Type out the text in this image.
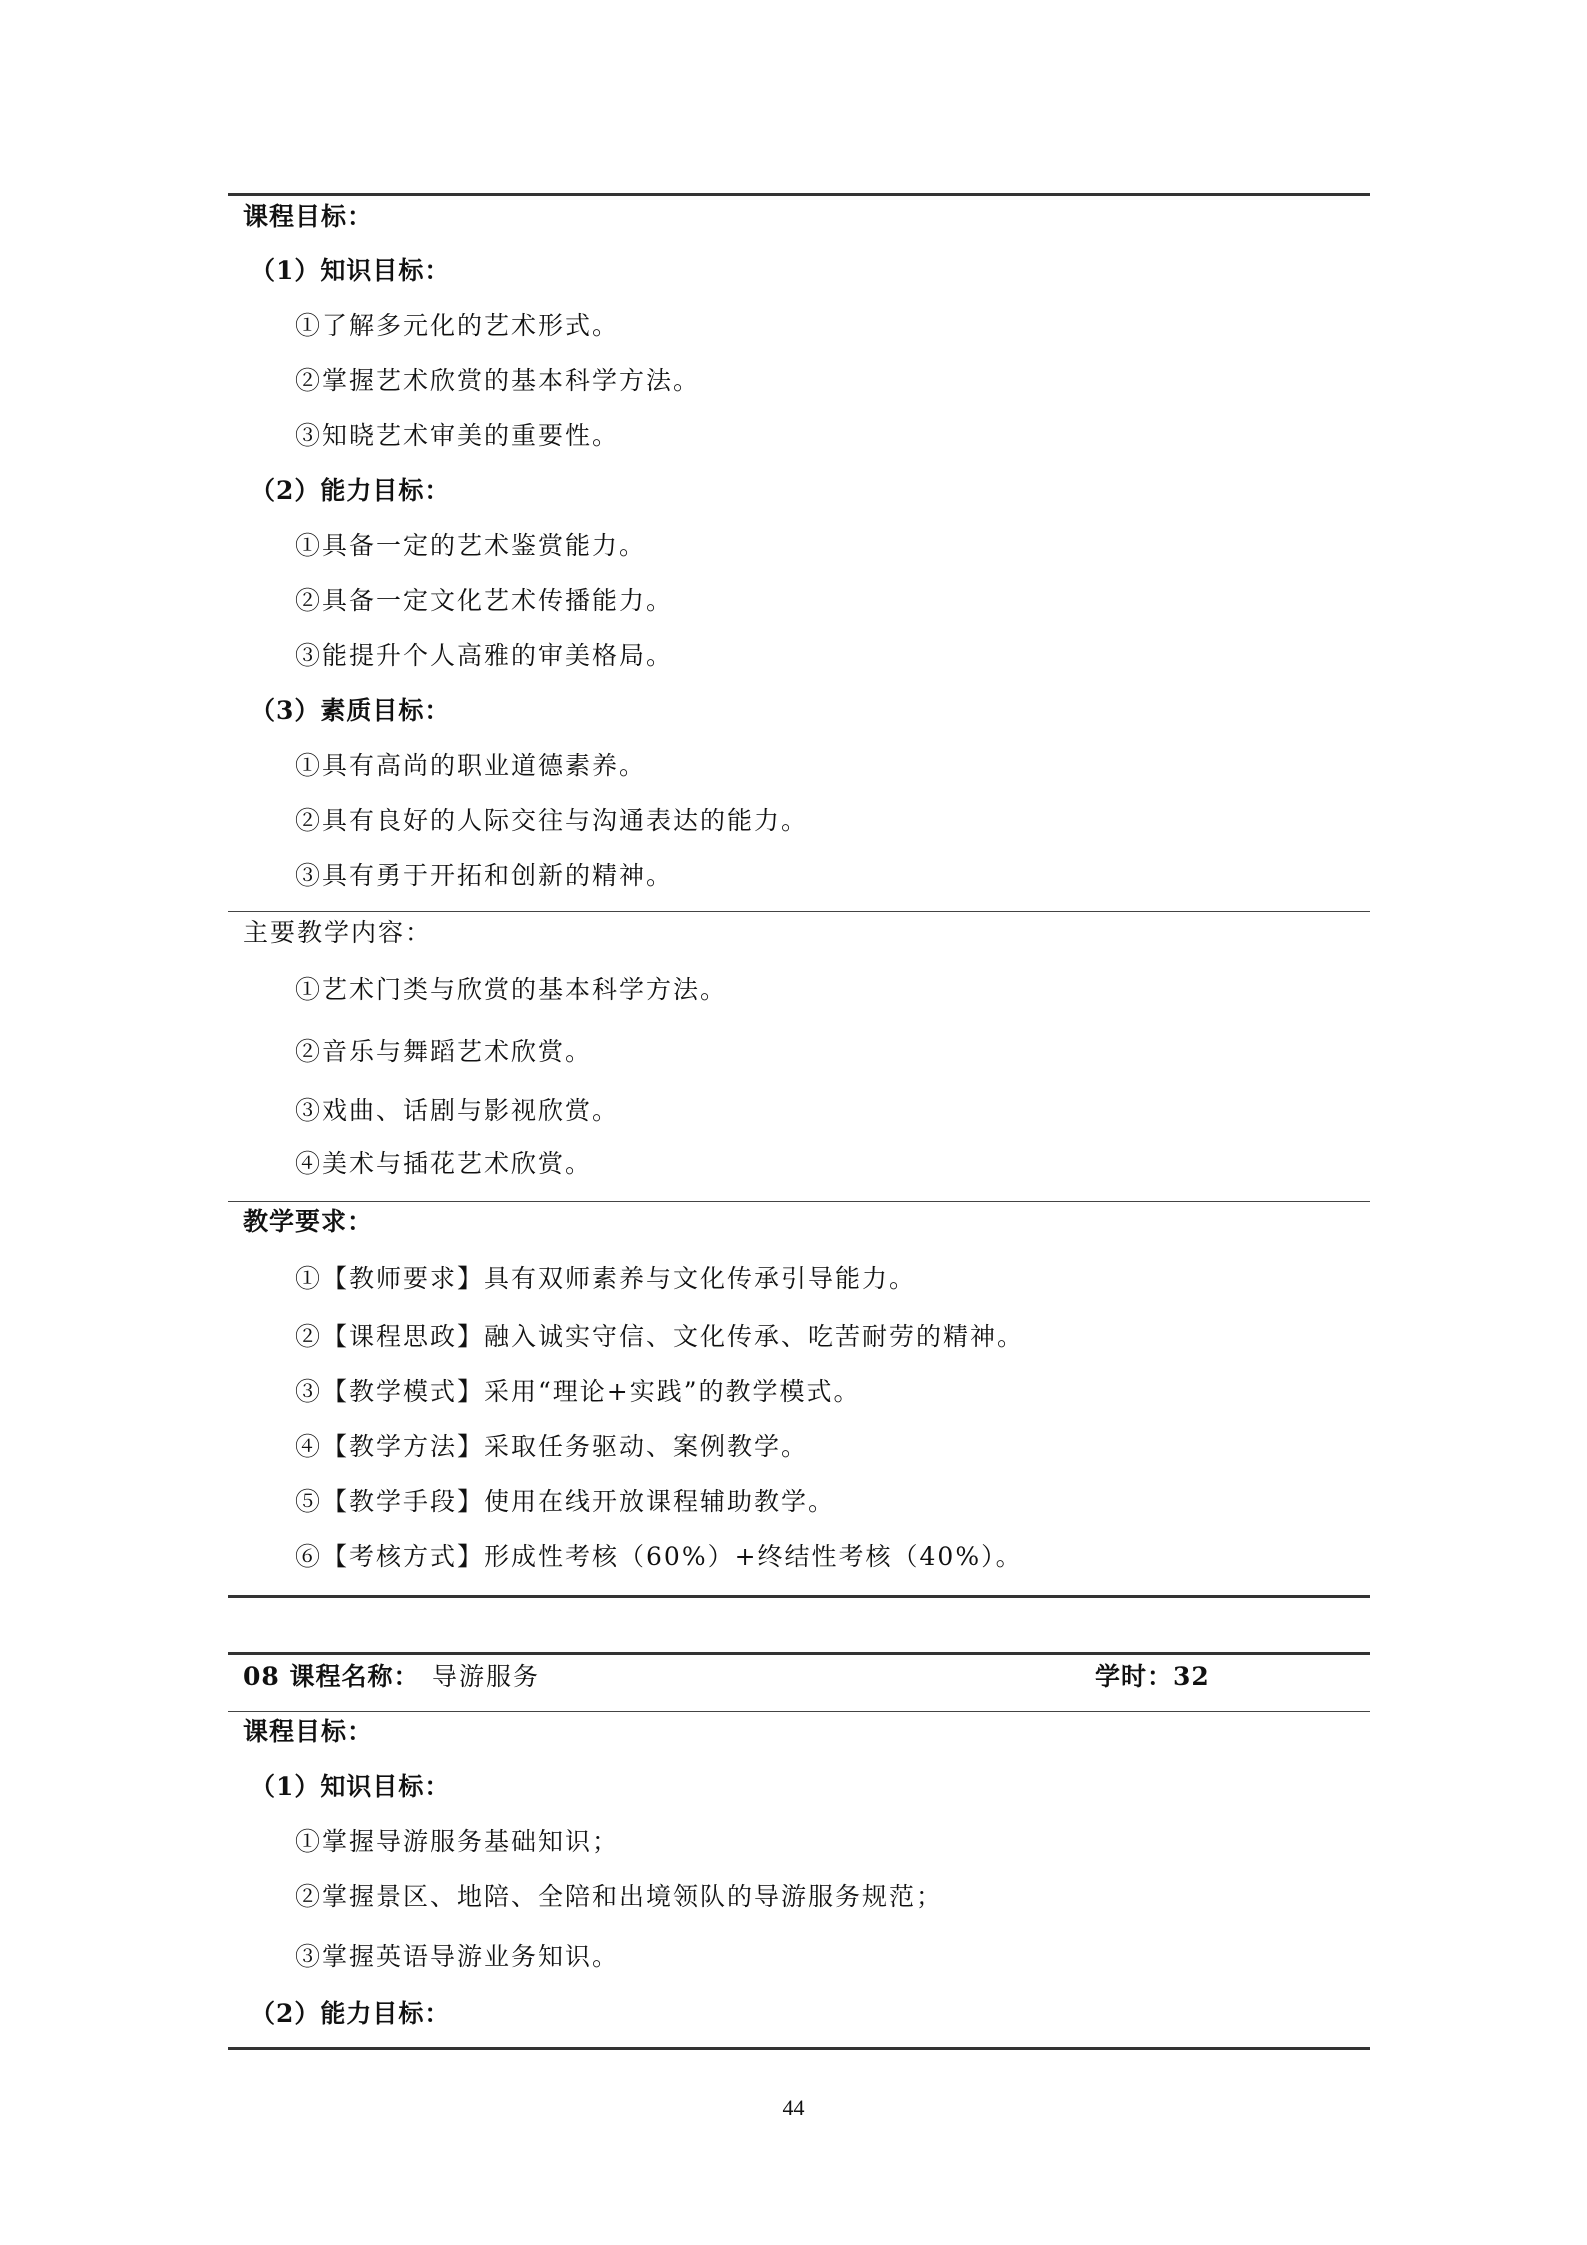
课程目标：
（1）知识目标：
①了解多元化的艺术形式。
②掌握艺术欣赏的基本科学方法。
③知晓艺术审美的重要性。
（2）能力目标：
①具备一定的艺术鉴赏能力。
②具备一定文化艺术传播能力。
③能提升个人高雅的审美格局。
（3）素质目标：
①具有高尚的职业道德素养。
②具有良好的人际交往与沟通表达的能力。
③具有勇于开拓和创新的精神。
主要教学内容：
①艺术门类与欣赏的基本科学方法。
②音乐与舞蹈艺术欣赏。
③戏曲、话剧与影视欣赏。
④美术与插花艺术欣赏。
教学要求：
①【教师要求】具有双师素养与文化传承引导能力。
②【课程思政】融入诚实守信、文化传承、吃苦耐劳的精神。
③【教学模式】采用“理论+实践”的教学模式。
④【教学方法】采取任务驱动、案例教学。
⑤【教学手段】使用在线开放课程辅助教学。
⑥【考核方式】形成性考核（60%）+终结性考核（40%）。
08 课程名称： 导游服务	学时：32
课程目标：
（1）知识目标：
①掌握导游服务基础知识；
②掌握景区、地陪、全陪和出境领队的导游服务规范；
③掌握英语导游业务知识。
（2）能力目标：
44
